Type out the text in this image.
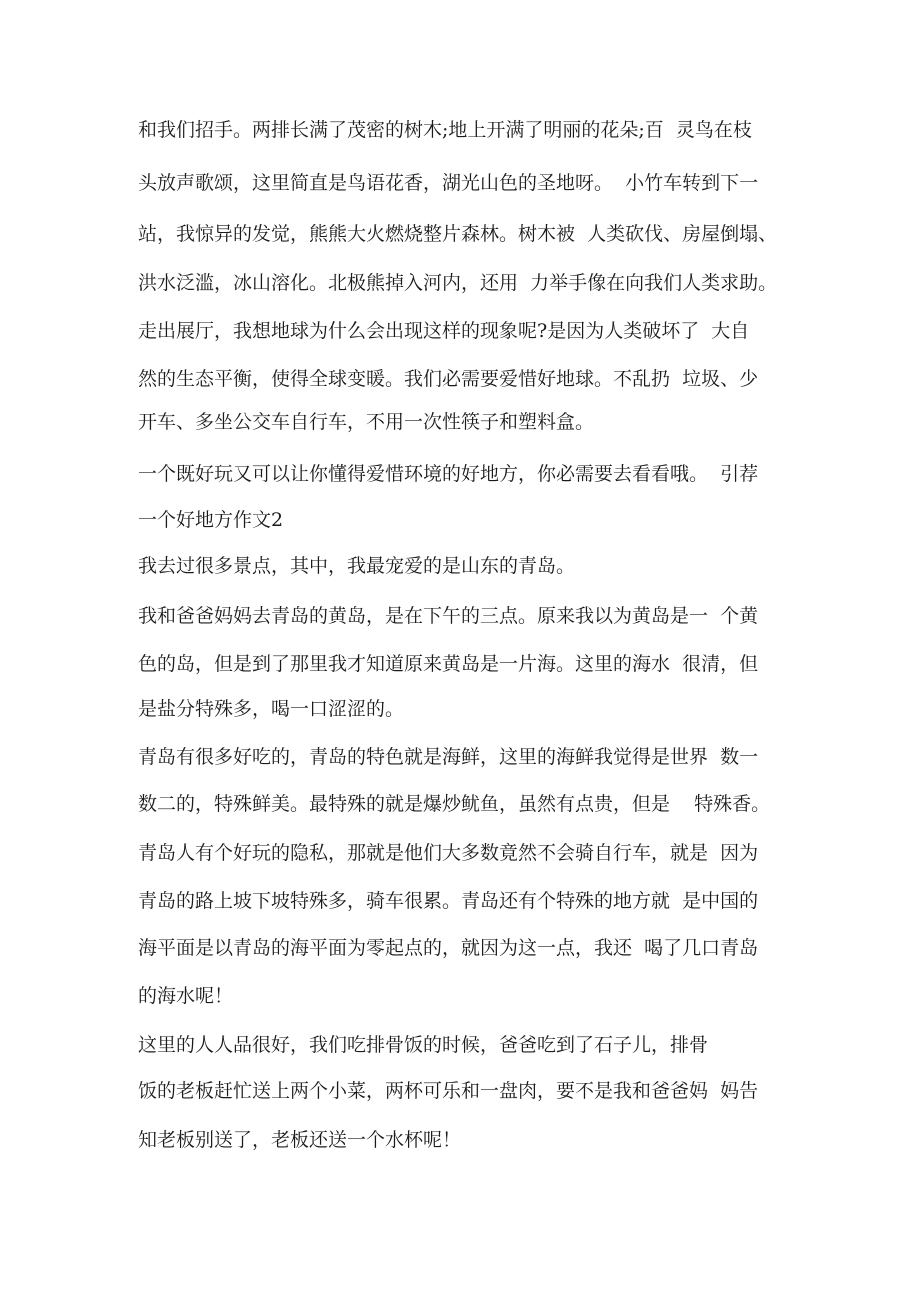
和我们招手。两排长满了茂密的树木;地上开满了明丽的花朵;百  灵鸟在枝
头放声歌颂，这里简直是鸟语花香，湖光山色的圣地呀。  小竹车转到下一
站，我惊异的发觉，熊熊大火燃烧整片森林。树木被  人类砍伐、房屋倒塌、
洪水泛滥，冰山溶化。北极熊掉入河内，还用  力举手像在向我们人类求助。
走出展厅，我想地球为什么会出现这样的现象呢?是因为人类破坏了  大自
然的生态平衡，使得全球变暖。我们必需要爱惜好地球。不乱扔  垃圾、少
开车、多坐公交车自行车，不用一次性筷子和塑料盒。
一个既好玩又可以让你懂得爱惜环境的好地方，你必需要去看看哦。  引荐
一个好地方作文2
我去过很多景点，其中，我最宠爱的是山东的青岛。
我和爸爸妈妈去青岛的黄岛，是在下午的三点。原来我以为黄岛是一  个黄
色的岛，但是到了那里我才知道原来黄岛是一片海。这里的海水  很清，但
是盐分特殊多，喝一口涩涩的。
青岛有很多好吃的，青岛的特色就是海鲜，这里的海鲜我觉得是世界  数一
数二的，特殊鲜美。最特殊的就是爆炒鱿鱼，虽然有点贵，但是    特殊香。
青岛人有个好玩的隐私，那就是他们大多数竟然不会骑自行车，就是  因为
青岛的路上坡下坡特殊多，骑车很累。青岛还有个特殊的地方就  是中国的
海平面是以青岛的海平面为零起点的，就因为这一点，我还  喝了几口青岛
的海水呢！
这里的人人品很好，我们吃排骨饭的时候，爸爸吃到了石子儿，排骨
饭的老板赶忙送上两个小菜，两杯可乐和一盘肉，要不是我和爸爸妈  妈告
知老板别送了，老板还送一个水杯呢！
